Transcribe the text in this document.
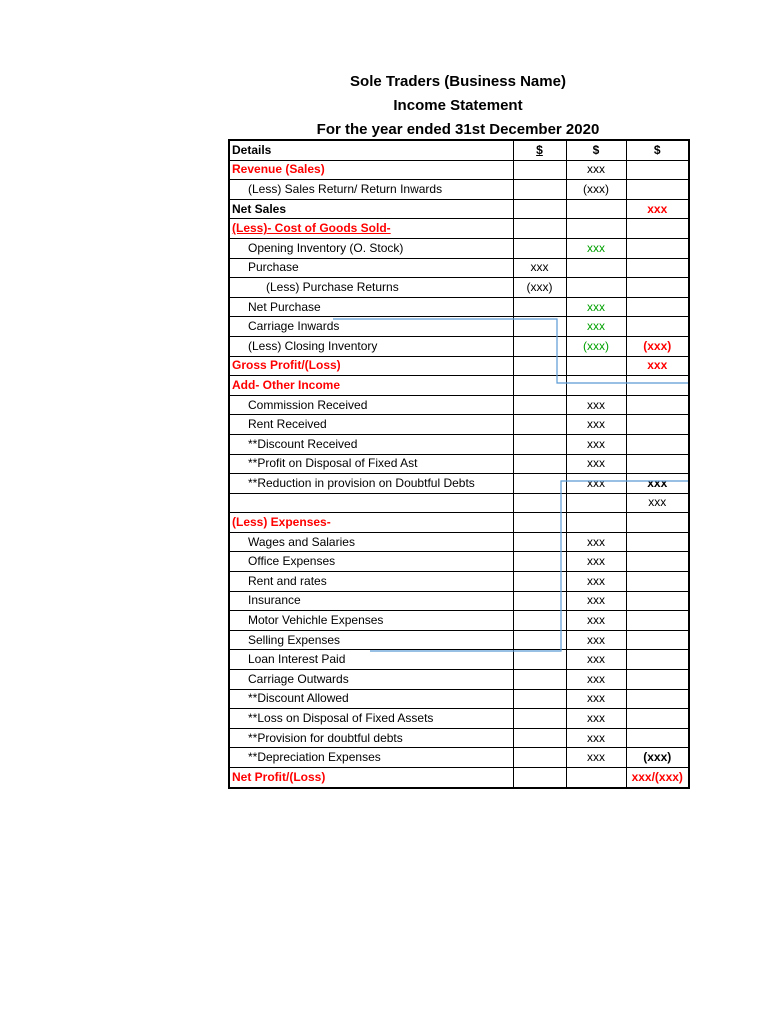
Sole Traders (Business Name)
Income Statement
For the year ended 31st December 2020
Details	$	$	$
Revenue (Sales)		xxx	
(Less) Sales Return/ Return Inwards		(xxx)	
Net Sales			xxx
(Less)- Cost of Goods Sold-			
Opening Inventory (O. Stock)		xxx	
Purchase	xxx		
(Less) Purchase Returns	(xxx)		
Net Purchase		xxx	
Carriage Inwards		xxx	
(Less) Closing Inventory		(xxx)	(xxx)
Gross Profit/(Loss)			xxx
Add- Other Income			
Commission Received		xxx	
Rent Received		xxx	
**Discount Received		xxx	
**Profit on Disposal of Fixed Ast		xxx	
**Reduction in provision on Doubtful Debts		xxx	xxx
			xxx
(Less) Expenses-			
Wages and Salaries		xxx	
Office Expenses		xxx	
Rent and rates		xxx	
Insurance		xxx	
Motor Vehichle Expenses		xxx	
Selling Expenses		xxx	
Loan Interest Paid		xxx	
Carriage Outwards		xxx	
**Discount Allowed		xxx	
**Loss on Disposal of Fixed Assets		xxx	
**Provision for doubtful debts		xxx	
**Depreciation Expenses		xxx	(xxx)
Net Profit/(Loss)			xxx/(xxx)
